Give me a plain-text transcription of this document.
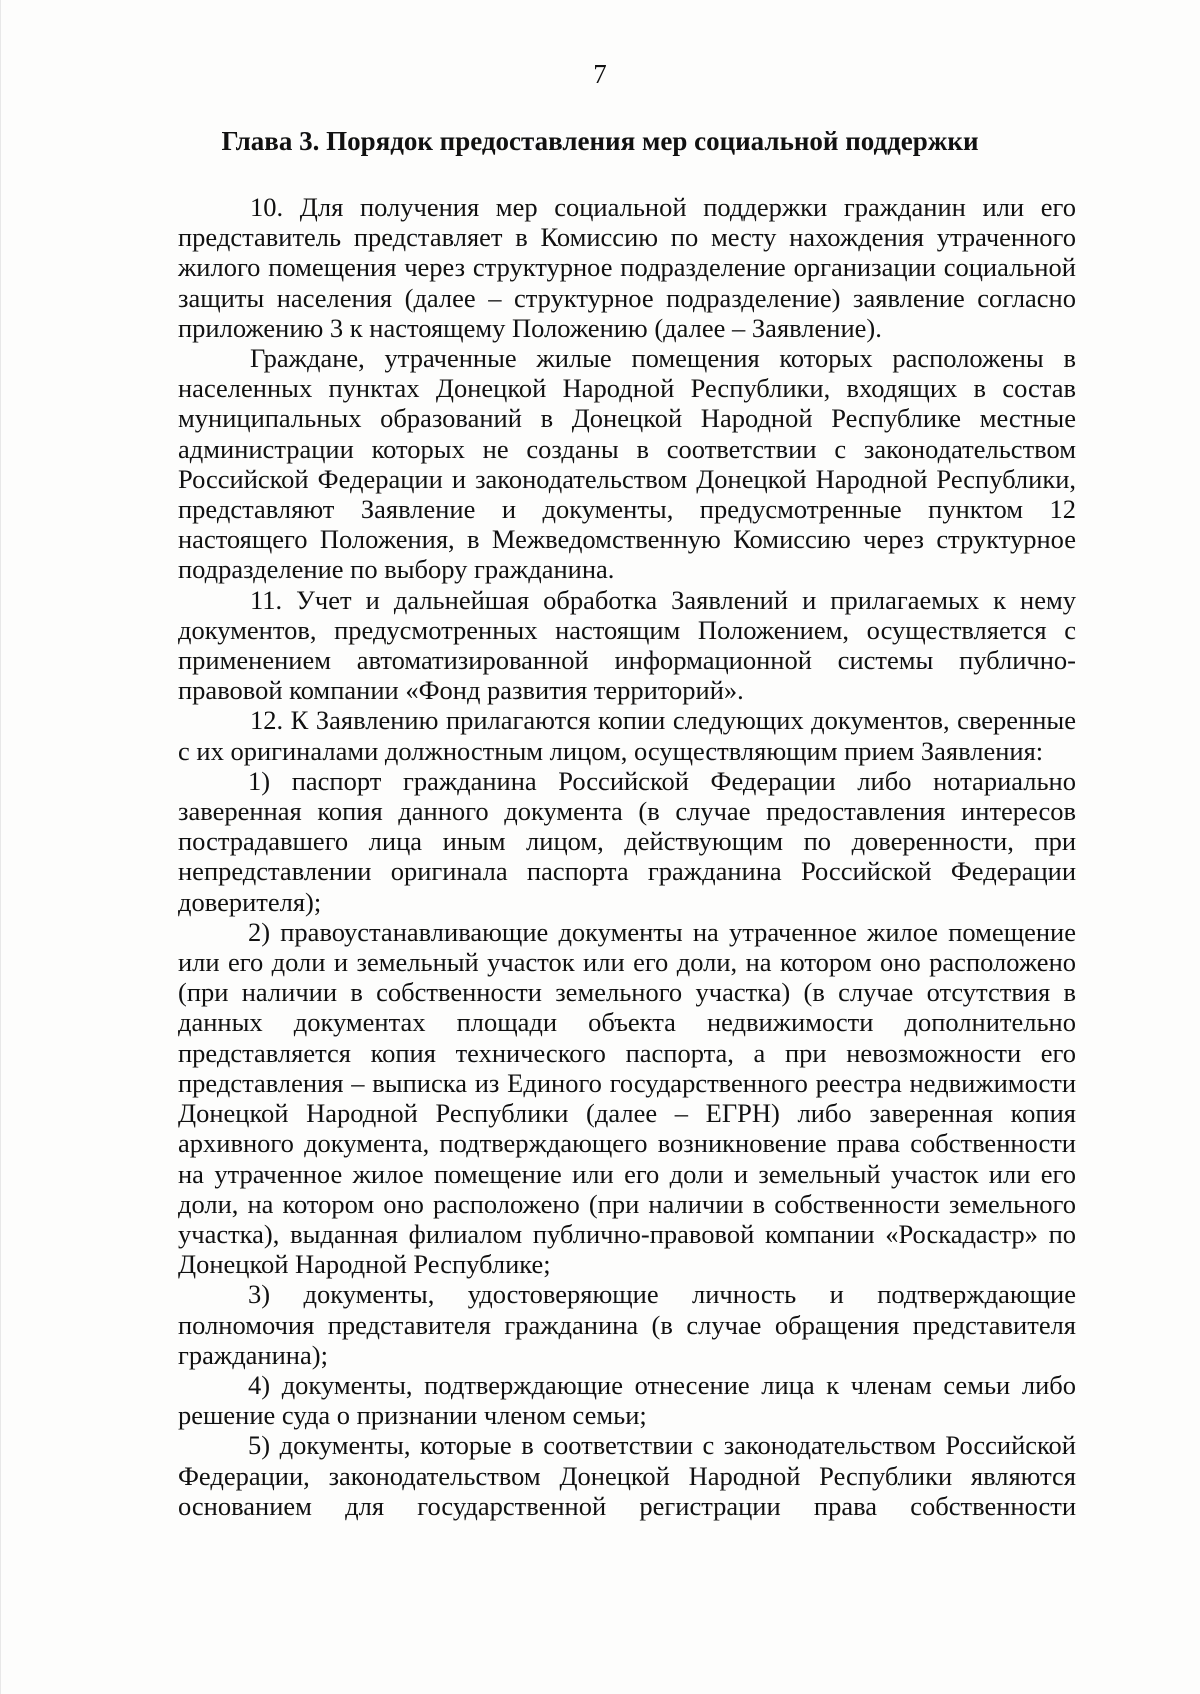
7
Глава 3. Порядок предоставления мер социальной поддержки

10. Для получения мер социальной поддержки гражданин или его представитель представляет в Комиссию по месту нахождения утраченного жилого помещения через структурное подразделение организации социальной защиты населения (далее – структурное подразделение) заявление согласно приложению 3 к настоящему Положению (далее – Заявление).

Граждане, утраченные жилые помещения которых расположены в населенных пунктах Донецкой Народной Республики, входящих в состав муниципальных образований в Донецкой Народной Республике местные администрации которых не созданы в соответствии с законодательством Российской Федерации и законодательством Донецкой Народной Республики, представляют Заявление и документы, предусмотренные пунктом 12 настоящего Положения, в Межведомственную Комиссию через структурное подразделение по выбору гражданина.

11. Учет и дальнейшая обработка Заявлений и прилагаемых к нему документов, предусмотренных настоящим Положением, осуществляется с применением автоматизированной информационной системы публично-правовой компании «Фонд развития территорий».

12. К Заявлению прилагаются копии следующих документов, сверенные с их оригиналами должностным лицом, осуществляющим прием Заявления:

1) паспорт гражданина Российской Федерации либо нотариально заверенная копия данного документа (в случае предоставления интересов пострадавшего лица иным лицом, действующим по доверенности, при непредставлении оригинала паспорта гражданина Российской Федерации доверителя);

2) правоустанавливающие документы на утраченное жилое помещение или его доли и земельный участок или его доли, на котором оно расположено (при наличии в собственности земельного участка) (в случае отсутствия в данных документах площади объекта недвижимости дополнительно представляется копия технического паспорта, а при невозможности его представления – выписка из Единого государственного реестра недвижимости Донецкой Народной Республики (далее – ЕГРН) либо заверенная копия архивного документа, подтверждающего возникновение права собственности на утраченное жилое помещение или его доли и земельный участок или его доли, на котором оно расположено (при наличии в собственности земельного участка), выданная филиалом публично-правовой компании «Роскадастр» по Донецкой Народной Республике;

3) документы, удостоверяющие личность и подтверждающие полномочия представителя гражданина (в случае обращения представителя гражданина);

4) документы, подтверждающие отнесение лица к членам семьи либо решение суда о признании членом семьи;

5) документы, которые в соответствии с законодательством Российской Федерации, законодательством Донецкой Народной Республики являются основанием для государственной регистрации права собственности
